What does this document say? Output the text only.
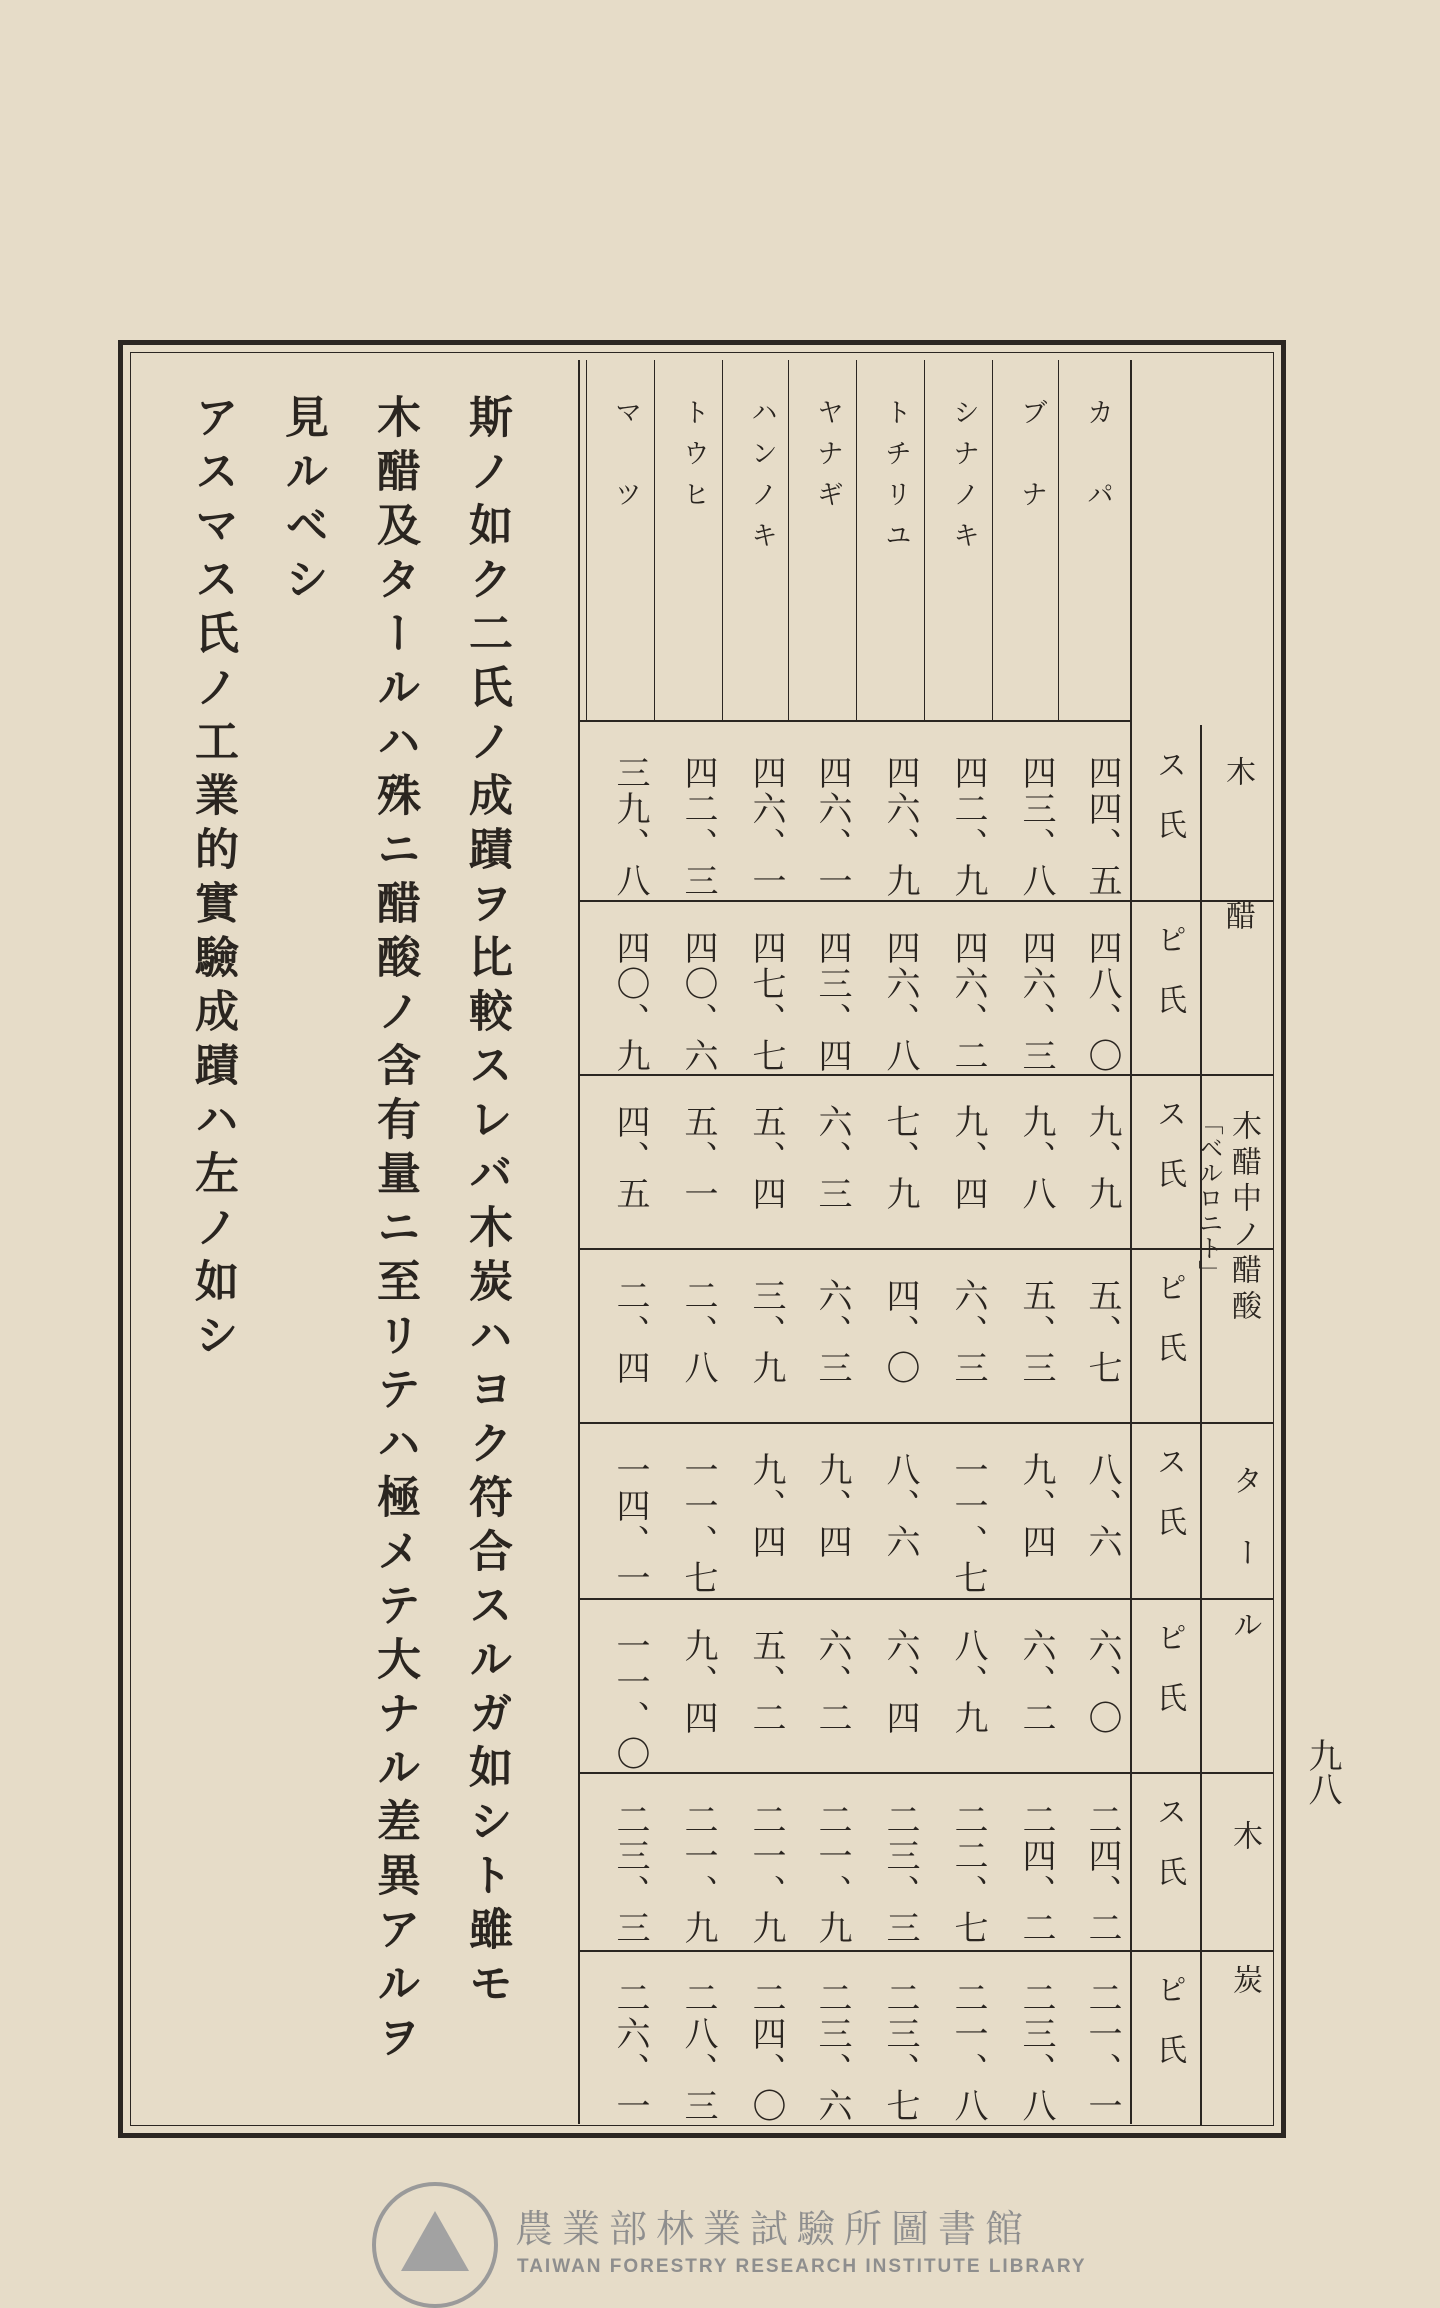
ス　氏
ピ　氏
ス　氏
ピ　氏
ス　氏
ピ　氏
ス　氏
ピ　氏
カ　パ
四四、五
四八、〇
九、九
五、七
八、六
六、〇
二四、二
二一、一
ブ　ナ
四三、八
四六、三
九、八
五、三
九、四
六、二
二四、二
二三、八
シナノキ
四二、九
四六、二
九、四
六、三
一一、七
八、九
二二、七
二一、八
トチリユ
四六、九
四六、八
七、九
四、〇
八、六
六、四
二三、三
二三、七
ヤナギ
四六、一
四三、四
六、三
六、三
九、四
六、二
二一、九
二三、六
ハンノキ
四六、一
四七、七
五、四
三、九
九、四
五、二
二一、九
二四、〇
トウヒ
四二、三
四〇、六
五、一
二、八
一一、七
九、四
二一、九
二八、三
マ　ツ
三九、八
四〇、九
四、五
二、四
一四、一
一一、〇
二三、三
二六、一
木　　　醋
木醋中ノ醋酸
「ベルロニト」
タ　ー　ル
木　　　炭
斯ノ如ク二氏ノ成蹟ヲ比較スレバ木炭ハヨク符合スルガ如シト雖モ
木醋及タールハ殊ニ醋酸ノ含有量ニ至リテハ極メテ大ナル差異アルヲ
見ルベシ
アスマス氏ノ工業的實驗成蹟ハ左ノ如シ
九八
農業部林業試驗所圖書館
TAIWAN FORESTRY RESEARCH INSTITUTE LIBRARY
